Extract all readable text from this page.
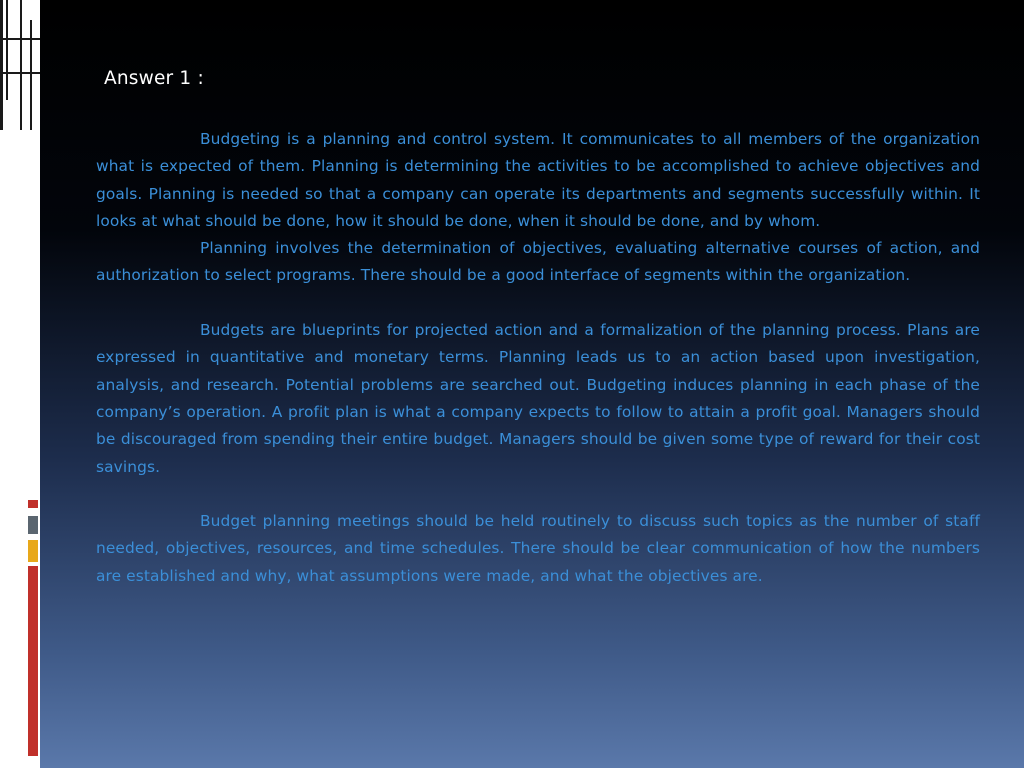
Answer 1 :

Budgeting is a planning and control system. It communicates to all members of the organization what is expected of them. Planning is determining the activities to be accomplished to achieve objectives and goals. Planning is needed so that a company can operate its departments and segments successfully within. It looks at what should be done, how it should be done, when it should be done, and by whom.

Planning involves the determination of objectives, evaluating alternative courses of action, and authorization to select programs. There should be a good interface of segments within the organization.

Budgets are blueprints for projected action and a formalization of the planning process. Plans are expressed in quantitative and monetary terms. Planning leads us to an action based upon investigation, analysis, and research. Potential problems are searched out. Budgeting induces planning in each phase of the company’s operation. A profit plan is what a company expects to follow to attain a profit goal. Managers should be discouraged from spending their entire budget. Managers should be given some type of reward for their cost savings.

Budget planning meetings should be held routinely to discuss such topics as the number of staff needed, objectives, resources, and time schedules. There should be clear communication of how the numbers are established and why, what assumptions were made, and what the objectives are.
